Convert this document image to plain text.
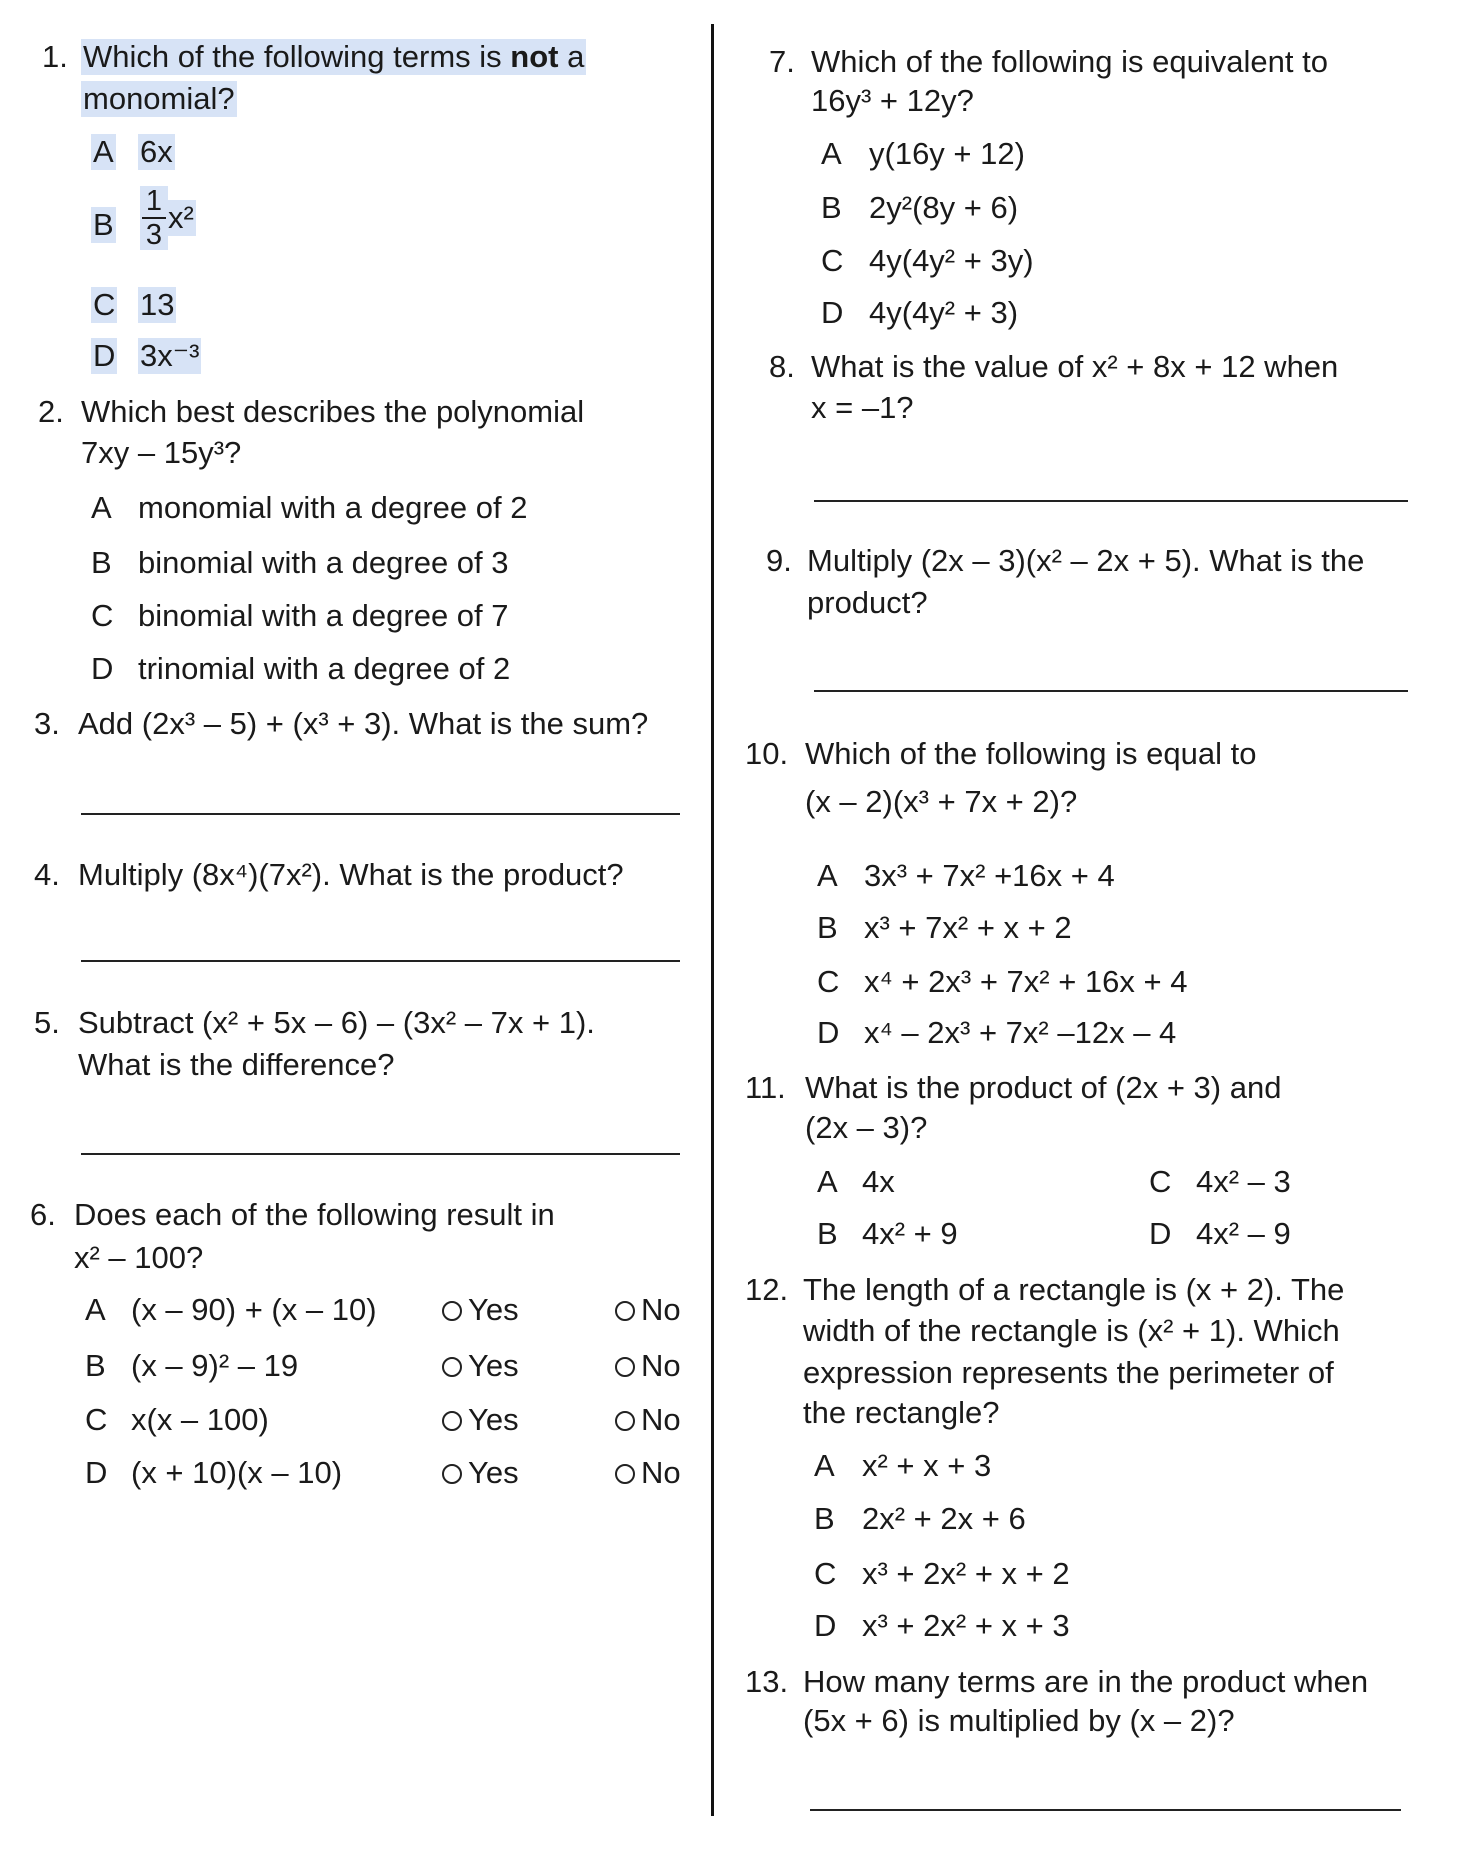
1. Which of the following terms is not a
monomial?
A 6x
B
1
3 x²
C 13
D 3x⁻³
2. Which best describes the polynomial
7xy – 15y³?
A monomial with a degree of 2
B binomial with a degree of 3
C binomial with a degree of 7
D trinomial with a degree of 2
3. Add (2x³ – 5) + (x³ + 3). What is the sum?
4. Multiply (8x⁴)(7x²). What is the product?
5. Subtract (x² + 5x – 6) – (3x² – 7x + 1).
What is the difference?
6. Does each of the following result in
x² – 100?
A (x – 90) + (x – 10)	Yes	No
B (x – 9)² – 19	Yes	No
C x(x – 100)	Yes	No
D (x + 10)(x – 10)	Yes	No
7. Which of the following is equivalent to
16y³ + 12y?
A y(16y + 12)
B 2y²(8y + 6)
C 4y(4y² + 3y)
D 4y(4y² + 3)
8. What is the value of x² + 8x + 12 when
x = –1?
9. Multiply (2x – 3)(x² – 2x + 5). What is the
product?
10. Which of the following is equal to
(x – 2)(x³ + 7x + 2)?
A 3x³ + 7x² +16x + 4
B x³ + 7x² + x + 2
C x⁴ + 2x³ + 7x² + 16x + 4
D x⁴ – 2x³ + 7x² –12x – 4
11. What is the product of (2x + 3) and
(2x – 3)?
A 4x
B 4x² + 9
C 4x² – 3
D 4x² – 9
12. The length of a rectangle is (x + 2). The
width of the rectangle is (x² + 1). Which
expression represents the perimeter of
the rectangle?
A x² + x + 3
B 2x² + 2x + 6
C x³ + 2x² + x + 2
D x³ + 2x² + x + 3
13. How many terms are in the product when
(5x + 6) is multiplied by (x – 2)?
